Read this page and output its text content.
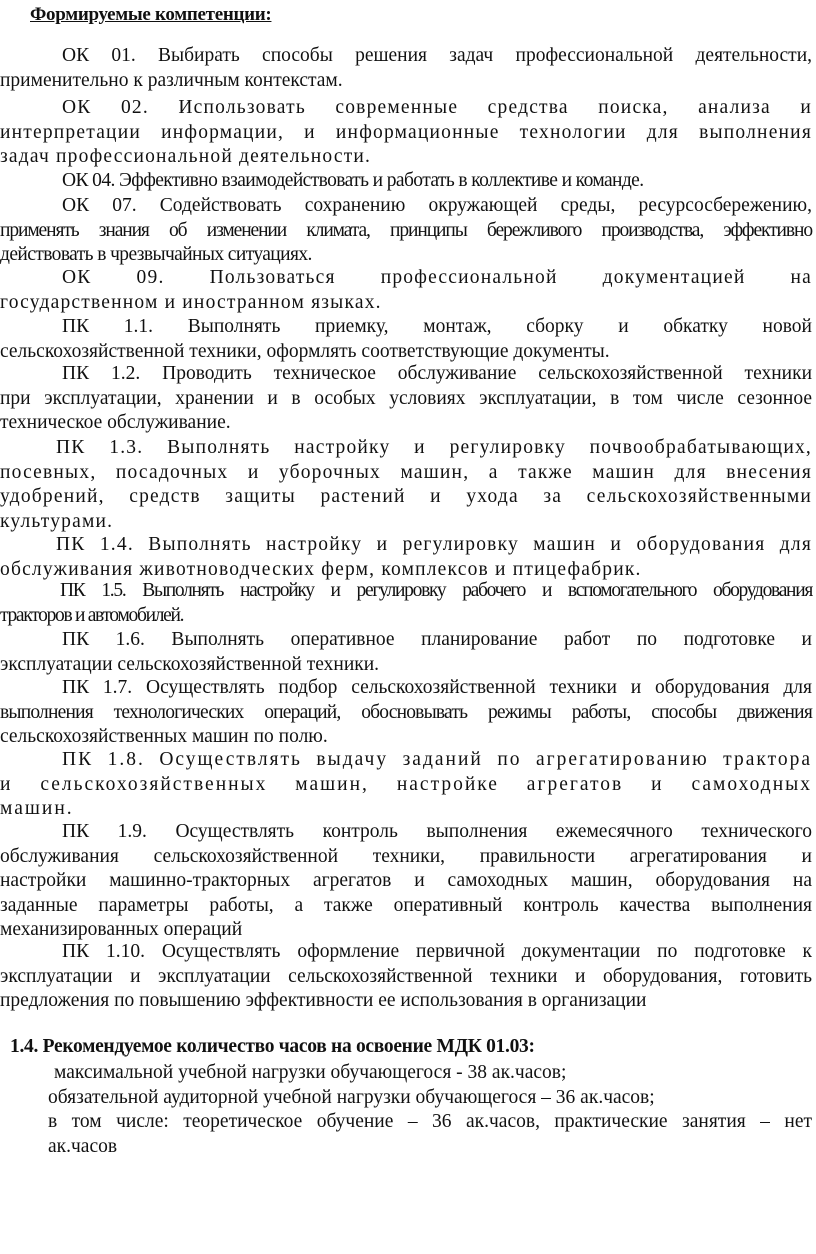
Формируемые компетенции:
ОК 01. Выбирать способы решения задач профессиональной деятельности,
применительно к различным контекстам.
ОК 02. Использовать современные средства поиска, анализа и
интерпретации информации, и информационные технологии для выполнения
задач профессиональной деятельности.
ОК 04. Эффективно взаимодействовать и работать в коллективе и команде.
ОК 07. Содействовать сохранению окружающей среды, ресурсосбережению,
применять знания об изменении климата, принципы бережливого производства, эффективно
действовать в чрезвычайных ситуациях.
ОК 09. Пользоваться профессиональной документацией на
государственном и иностранном языках.
ПК 1.1. Выполнять приемку, монтаж, сборку и обкатку новой
сельскохозяйственной техники, оформлять соответствующие документы.
ПК 1.2. Проводить техническое обслуживание сельскохозяйственной техники
при эксплуатации, хранении и в особых условиях эксплуатации, в том числе сезонное
техническое обслуживание.
ПК 1.3. Выполнять настройку и регулировку почвообрабатывающих,
посевных, посадочных и уборочных машин, а также машин для внесения
удобрений, средств защиты растений и ухода за сельскохозяйственными
культурами.
ПК 1.4. Выполнять настройку и регулировку машин и оборудования для
обслуживания животноводческих ферм, комплексов и птицефабрик.
ПК 1.5. Выполнять настройку и регулировку рабочего и вспомогательного оборудования
тракторов и автомобилей.
ПК 1.6. Выполнять оперативное планирование работ по подготовке и
эксплуатации сельскохозяйственной техники.
ПК 1.7. Осуществлять подбор сельскохозяйственной техники и оборудования для
выполнения технологических операций, обосновывать режимы работы, способы движения
сельскохозяйственных машин по полю.
ПК 1.8. Осуществлять выдачу заданий по агрегатированию трактора
и сельскохозяйственных машин, настройке агрегатов и самоходных
машин.
ПК 1.9. Осуществлять контроль выполнения ежемесячного технического
обслуживания сельскохозяйственной техники, правильности агрегатирования и
настройки машинно-тракторных агрегатов и самоходных машин, оборудования на
заданные параметры работы, а также оперативный контроль качества выполнения
механизированных операций
ПК 1.10. Осуществлять оформление первичной документации по подготовке к
эксплуатации и эксплуатации сельскохозяйственной техники и оборудования, готовить
предложения по повышению эффективности ее использования в организации
1.4. Рекомендуемое количество часов на освоение МДК 01.03:
максимальной учебной нагрузки обучающегося - 38 ак.часов;
обязательной аудиторной учебной нагрузки обучающегося – 36 ак.часов;
в том числе: теоретическое обучение – 36 ак.часов, практические занятия – нет
ак.часов
